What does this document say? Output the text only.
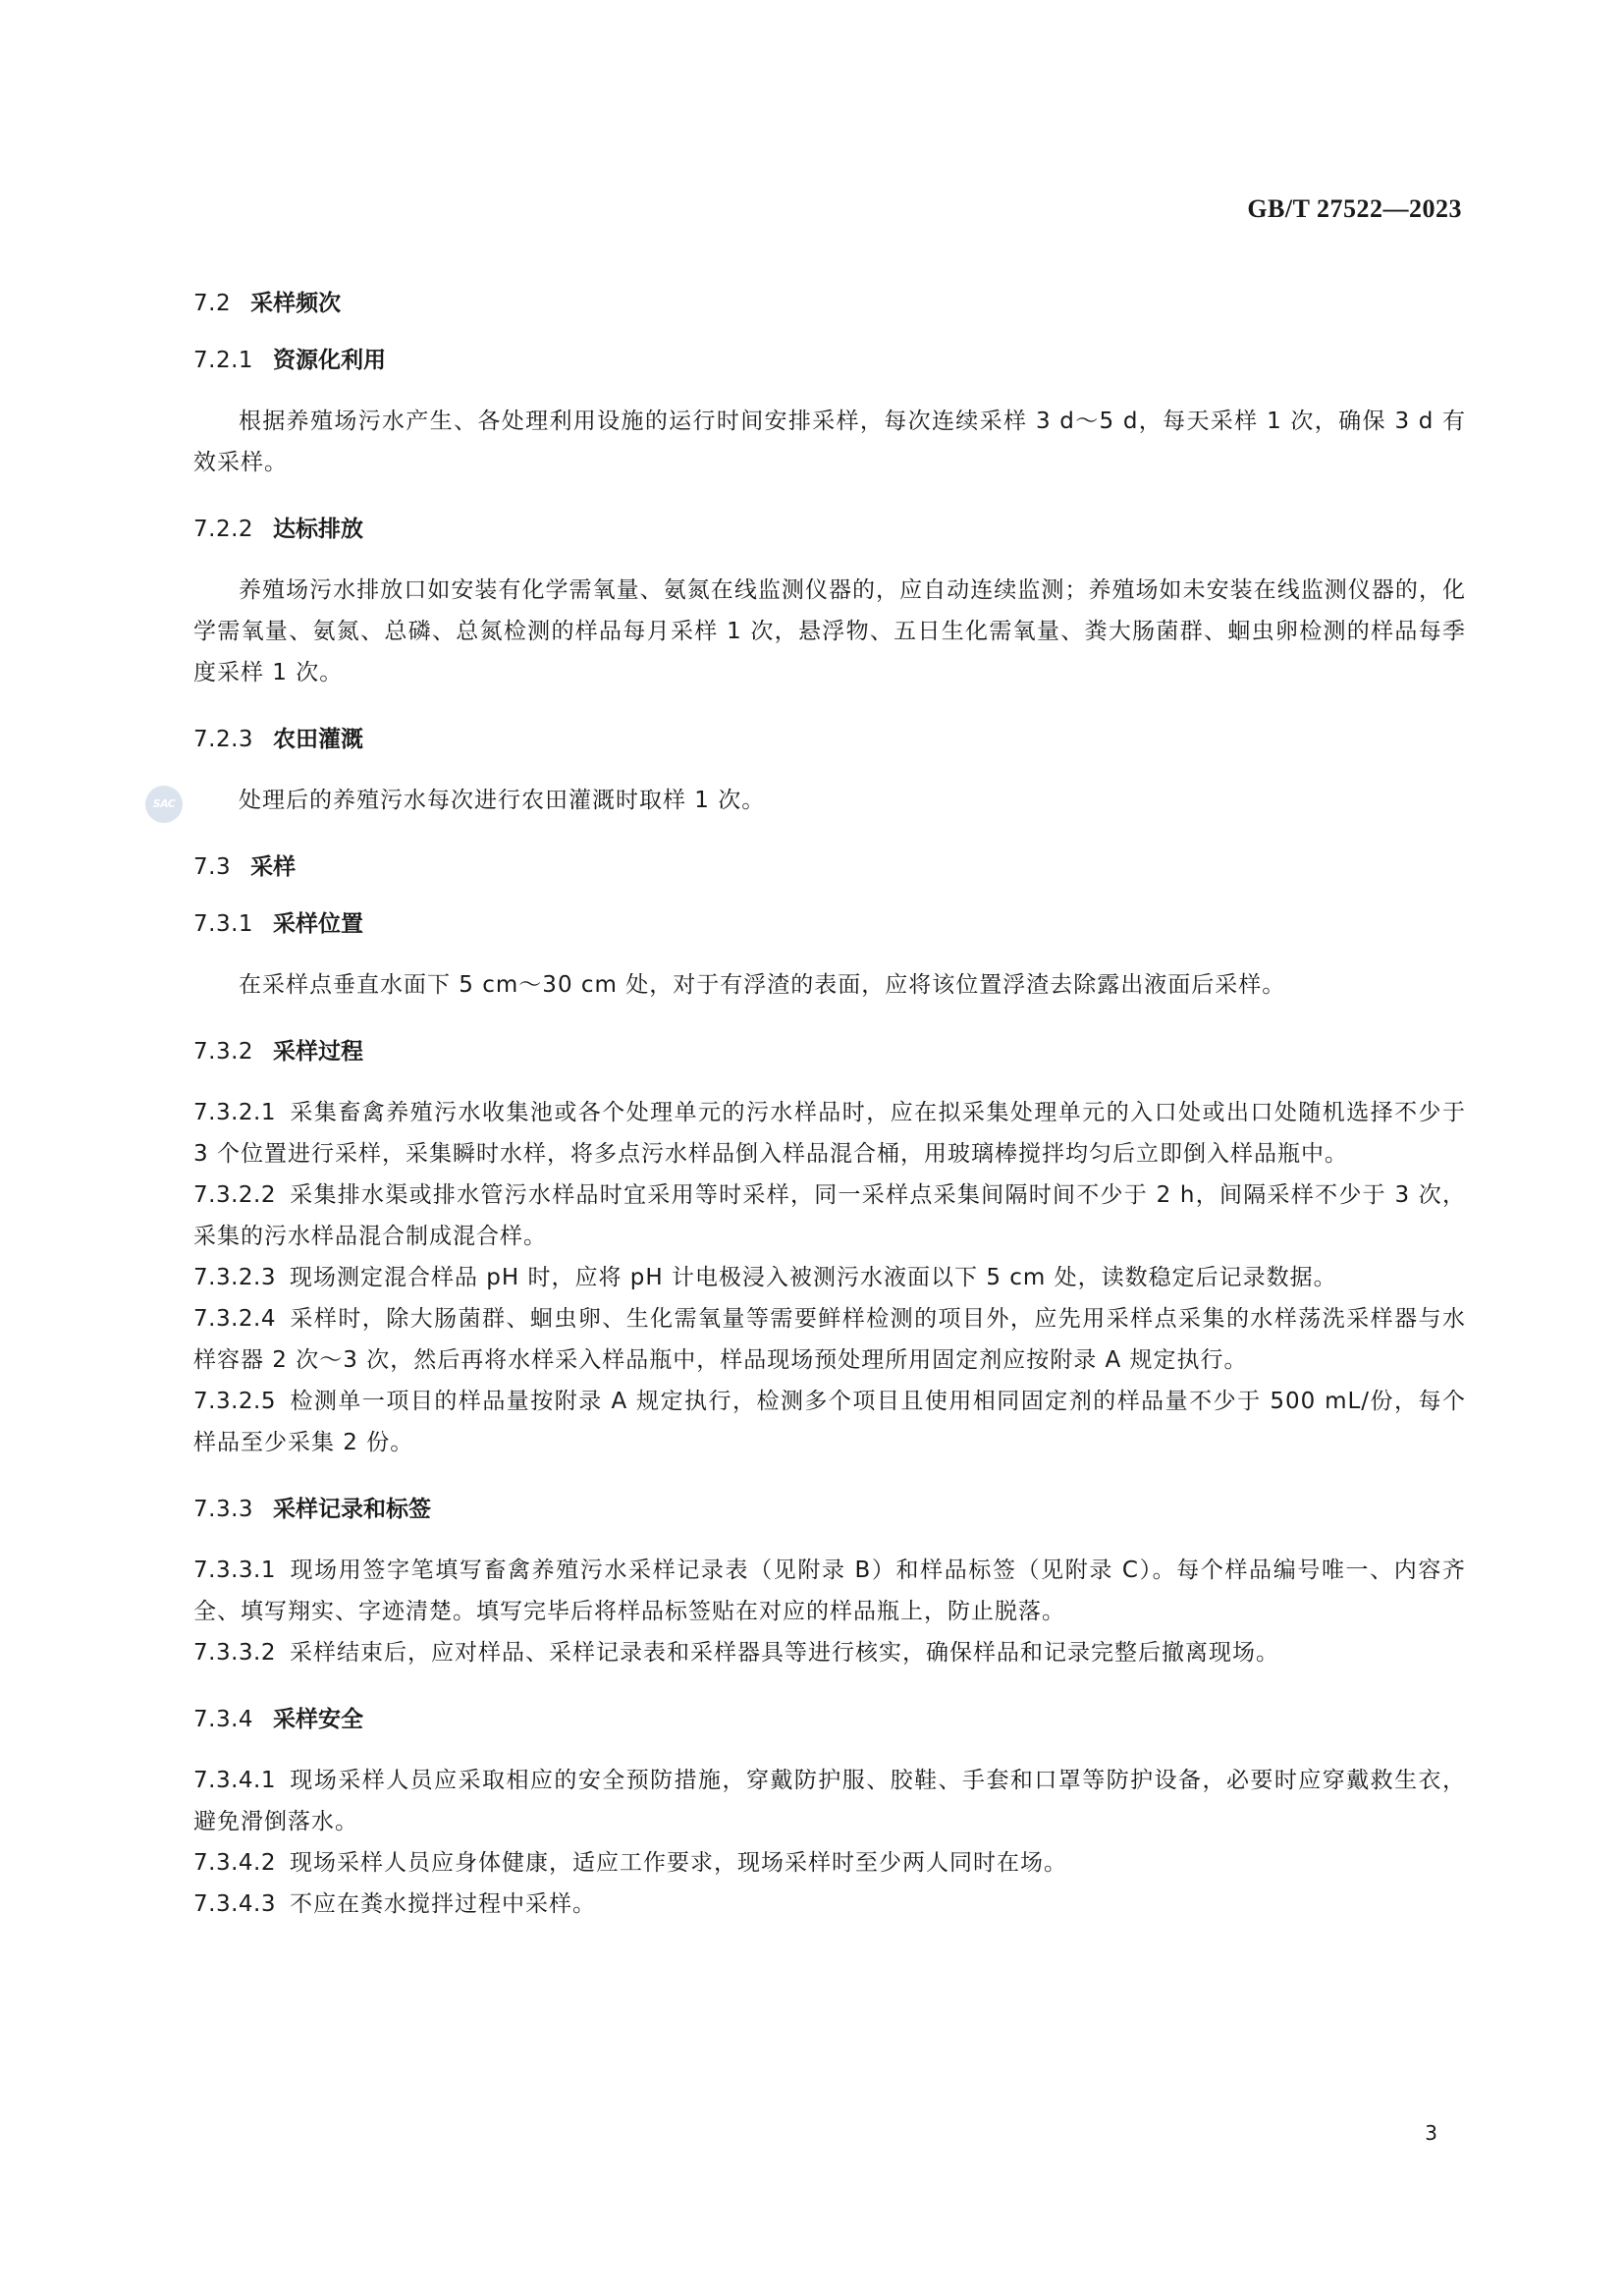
GB/T 27522—2023
SAC
7.2 采样频次
7.2.1 资源化利用
根据养殖场污水产生、各处理利用设施的运行时间安排采样，每次连续采样 3 d～5 d，每天采样 1 次，确保 3 d 有效采样。
7.2.2 达标排放
养殖场污水排放口如安装有化学需氧量、氨氮在线监测仪器的，应自动连续监测；养殖场如未安装在线监测仪器的，化学需氧量、氨氮、总磷、总氮检测的样品每月采样 1 次，悬浮物、五日生化需氧量、粪大肠菌群、蛔虫卵检测的样品每季度采样 1 次。
7.2.3 农田灌溉
处理后的养殖污水每次进行农田灌溉时取样 1 次。
7.3 采样
7.3.1 采样位置
在采样点垂直水面下 5 cm～30 cm 处，对于有浮渣的表面，应将该位置浮渣去除露出液面后采样。
7.3.2 采样过程
7.3.2.1 采集畜禽养殖污水收集池或各个处理单元的污水样品时，应在拟采集处理单元的入口处或出口处随机选择不少于 3 个位置进行采样，采集瞬时水样，将多点污水样品倒入样品混合桶，用玻璃棒搅拌均匀后立即倒入样品瓶中。
7.3.2.2 采集排水渠或排水管污水样品时宜采用等时采样，同一采样点采集间隔时间不少于 2 h，间隔采样不少于 3 次，采集的污水样品混合制成混合样。
7.3.2.3 现场测定混合样品 pH 时，应将 pH 计电极浸入被测污水液面以下 5 cm 处，读数稳定后记录数据。
7.3.2.4 采样时，除大肠菌群、蛔虫卵、生化需氧量等需要鲜样检测的项目外，应先用采样点采集的水样荡洗采样器与水样容器 2 次～3 次，然后再将水样采入样品瓶中，样品现场预处理所用固定剂应按附录 A 规定执行。
7.3.2.5 检测单一项目的样品量按附录 A 规定执行，检测多个项目且使用相同固定剂的样品量不少于 500 mL/份，每个样品至少采集 2 份。
7.3.3 采样记录和标签
7.3.3.1 现场用签字笔填写畜禽养殖污水采样记录表（见附录 B）和样品标签（见附录 C）。每个样品编号唯一、内容齐全、填写翔实、字迹清楚。填写完毕后将样品标签贴在对应的样品瓶上，防止脱落。
7.3.3.2 采样结束后，应对样品、采样记录表和采样器具等进行核实，确保样品和记录完整后撤离现场。
7.3.4 采样安全
7.3.4.1 现场采样人员应采取相应的安全预防措施，穿戴防护服、胶鞋、手套和口罩等防护设备，必要时应穿戴救生衣，避免滑倒落水。
7.3.4.2 现场采样人员应身体健康，适应工作要求，现场采样时至少两人同时在场。
7.3.4.3 不应在粪水搅拌过程中采样。
3
